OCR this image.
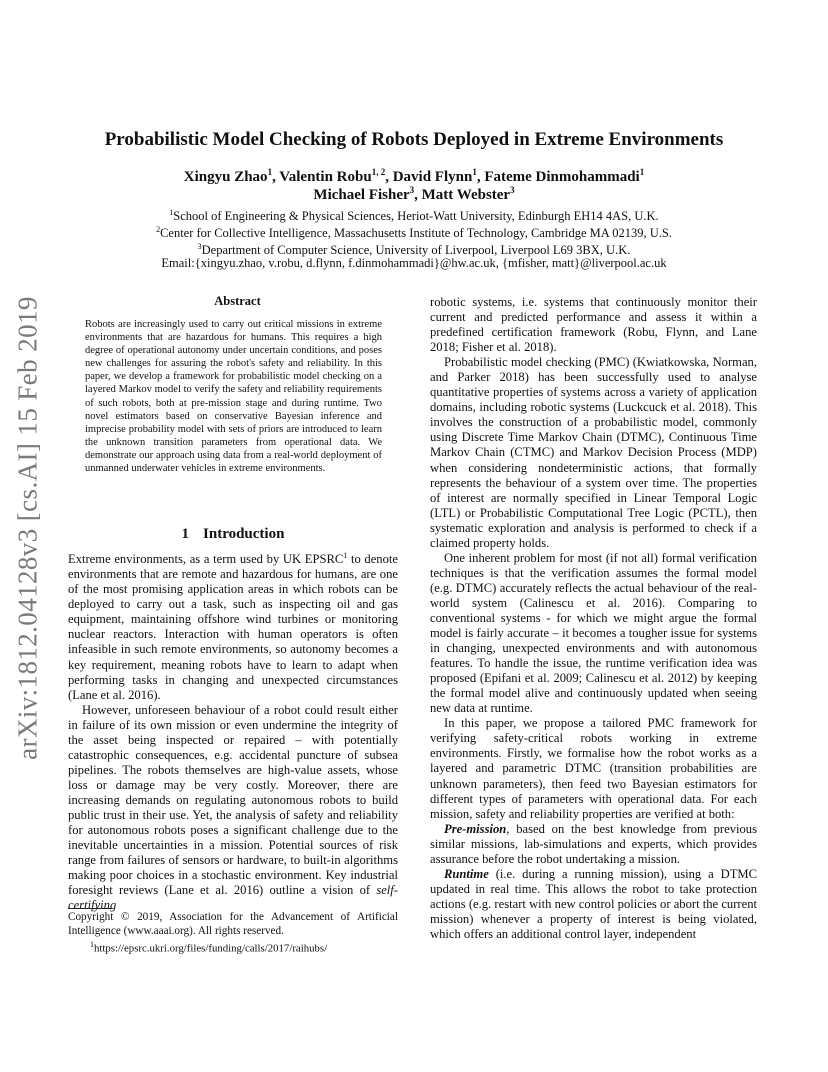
Probabilistic Model Checking of Robots Deployed in Extreme Environments
Xingyu Zhao$^1$, Valentin Robu$^{1, 2}$, David Flynn$^1$, Fateme Dinmohammadi$^1$
Michael Fisher$^3$, Matt Webster$^3$
$^1$School of Engineering & Physical Sciences, Heriot-Watt University, Edinburgh EH14 4AS, U.K.
$^2$Center for Collective Intelligence, Massachusetts Institute of Technology, Cambridge MA 02139, U.S.
$^3$Department of Computer Science, University of Liverpool, Liverpool L69 3BX, U.K.
Email:{xingyu.zhao, v.robu, d.flynn, f.dinmohammadi}@hw.ac.uk, {mfisher, matt}@liverpool.ac.uk
arXiv:1812.04128v3 [cs.AI] 15 Feb 2019	Abstract
Robots are increasingly used to carry out critical missions in extreme environments that are hazardous for humans. This requires a high degree of operational autonomy under uncertain conditions, and poses new challenges for assuring the robot's safety and reliability. In this paper, we develop a framework for probabilistic model checking on a layered Markov model to verify the safety and reliability requirements of such robots, both at pre-mission stage and during runtime. Two novel estimators based on conservative Bayesian inference and imprecise probability model with sets of priors are introduced to learn the unknown transition parameters from operational data. We demonstrate our approach using data from a real-world deployment of unmanned underwater vehicles in extreme environments.
1 Introduction

Extreme environments, as a term used by UK EPSRC$^1$ to denote environments that are remote and hazardous for humans, are one of the most promising application areas in which robots can be deployed to carry out a task, such as inspecting oil and gas equipment, maintaining offshore wind turbines or monitoring nuclear reactors. Interaction with human operators is often infeasible in such remote environments, so autonomy becomes a key requirement, meaning robots have to learn to adapt when performing tasks in changing and unexpected circumstances (Lane et al. 2016).

However, unforeseen behaviour of a robot could result either in failure of its own mission or even undermine the integrity of the asset being inspected or repaired – with potentially catastrophic consequences, e.g. accidental puncture of subsea pipelines. The robots themselves are high-value assets, whose loss or damage may be very costly. Moreover, there are increasing demands on regulating autonomous robots to build public trust in their use. Yet, the analysis of safety and reliability for autonomous robots poses a significant challenge due to the inevitable uncertainties in a mission. Potential sources of risk range from failures of sensors or hardware, to built-in algorithms making poor choices in a stochastic environment. Key industrial foresight reviews (Lane et al. 2016) outline a vision of self-certifying

Copyright © 2019, Association for the Advancement of Artificial Intelligence (www.aaai.org). All rights reserved.
$^1$https://epsrc.ukri.org/files/funding/calls/2017/raihubs/

robotic systems, i.e. systems that continuously monitor their current and predicted performance and assess it within a predefined certification framework (Robu, Flynn, and Lane 2018; Fisher et al. 2018).

Probabilistic model checking (PMC) (Kwiatkowska, Norman, and Parker 2018) has been successfully used to analyse quantitative properties of systems across a variety of application domains, including robotic systems (Luckcuck et al. 2018). This involves the construction of a probabilistic model, commonly using Discrete Time Markov Chain (DTMC), Continuous Time Markov Chain (CTMC) and Markov Decision Process (MDP) when considering nondeterministic actions, that formally represents the behaviour of a system over time. The properties of interest are normally specified in Linear Temporal Logic (LTL) or Probabilistic Computational Tree Logic (PCTL), then systematic exploration and analysis is performed to check if a claimed property holds.

One inherent problem for most (if not all) formal verification techniques is that the verification assumes the formal model (e.g. DTMC) accurately reflects the actual behaviour of the real-world system (Calinescu et al. 2016). Comparing to conventional systems - for which we might argue the formal model is fairly accurate – it becomes a tougher issue for systems in changing, unexpected environments and with autonomous features. To handle the issue, the runtime verification idea was proposed (Epifani et al. 2009; Calinescu et al. 2012) by keeping the formal model alive and continuously updated when seeing new data at runtime.

In this paper, we propose a tailored PMC framework for verifying safety-critical robots working in extreme environments. Firstly, we formalise how the robot works as a layered and parametric DTMC (transition probabilities are unknown parameters), then feed two Bayesian estimators for different types of parameters with operational data. For each mission, safety and reliability properties are verified at both:

Pre-mission, based on the best knowledge from previous similar missions, lab-simulations and experts, which provides assurance before the robot undertaking a mission.

Runtime (i.e. during a running mission), using a DTMC updated in real time. This allows the robot to take protection actions (e.g. restart with new control policies or abort the current mission) whenever a property of interest is being violated, which offers an additional control layer, independent
